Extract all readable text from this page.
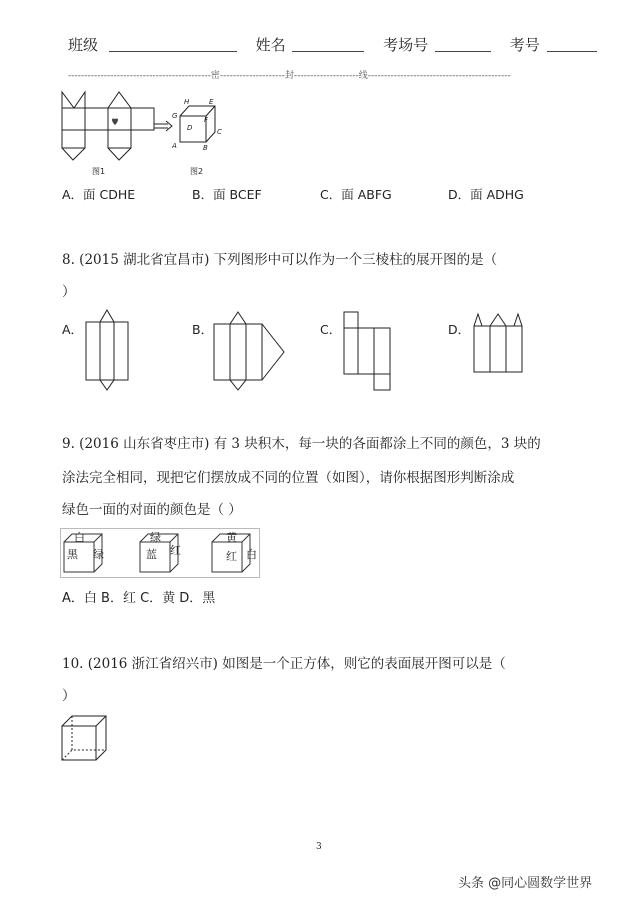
班级	姓名	考场号	考号
--------------------------------------------密--------------------封--------------------线--------------------------------------------
H	E
G	F
D
A	B
C
图1	图2
A．面 CDHE	B．面 BCEF	C．面 ABFG	D．面 ADHG
8. (2015 湖北省宜昌市) 下列图形中可以作为一个三棱柱的展开图的是（
）
A．	B．	C．	D．
9. (2016 山东省枣庄市) 有 3 块积木，每一块的各面都涂上不同的颜色，3 块的
涂法完全相同，现把它们摆放成不同的位置（如图），请你根据图形判断涂成
绿色一面的对面的颜色是（ ）
白
黑 绿
绿
蓝 红
黄
红 白
A．白 B．红 C．黄 D．黑
10. (2016 浙江省绍兴市) 如图是一个正方体，则它的表面展开图可以是（
）
3
头条 @同心圆数学世界
